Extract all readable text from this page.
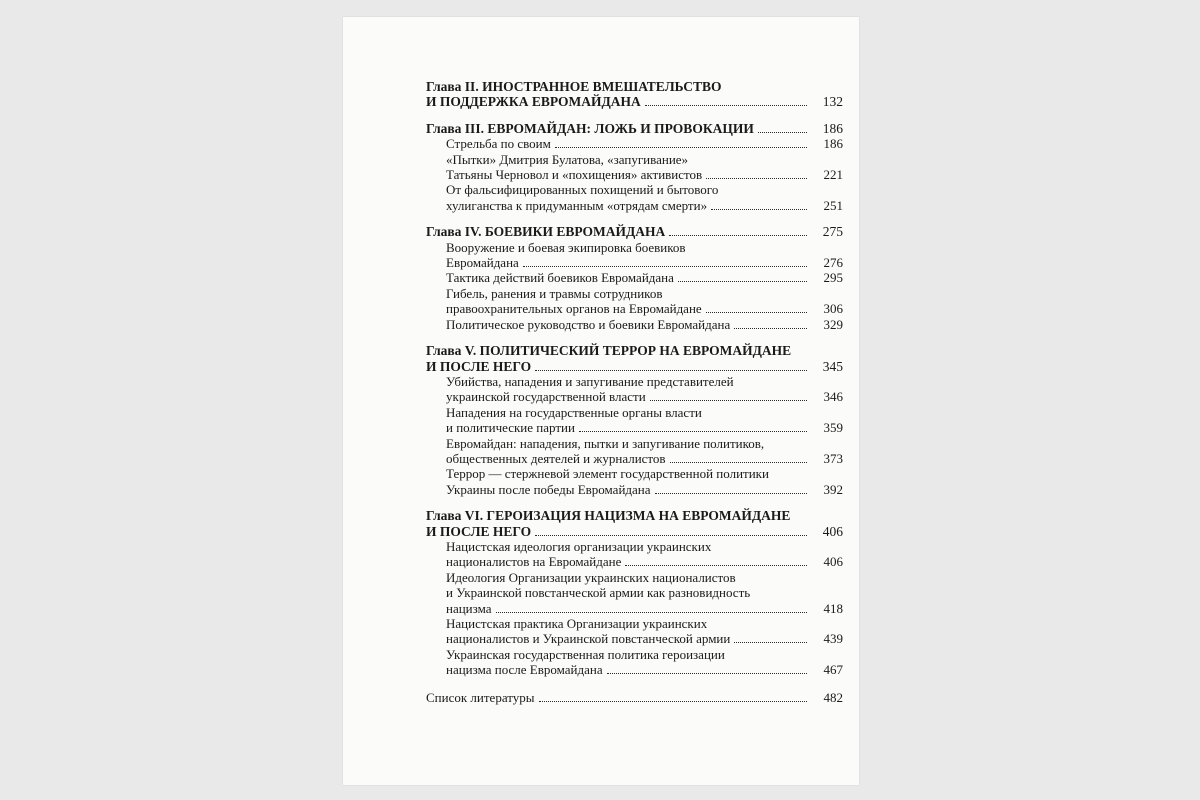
Глава II. ИНОСТРАННОЕ ВМЕШАТЕЛЬСТВО
И ПОДДЕРЖКА ЕВРОМАЙДАНА	132
Глава III. ЕВРОМАЙДАН: ЛОЖЬ И ПРОВОКАЦИИ	186
Стрельба по своим	186
«Пытки» Дмитрия Булатова, «запугивание»
Татьяны Черновол и «похищения» активистов	221
От фальсифицированных похищений и бытового
хулиганства к придуманным «отрядам смерти»	251
Глава IV. БОЕВИКИ ЕВРОМАЙДАНА	275
Вооружение и боевая экипировка боевиков
Евромайдана	276
Тактика действий боевиков Евромайдана	295
Гибель, ранения и травмы сотрудников
правоохранительных органов на Евромайдане	306
Политическое руководство и боевики Евромайдана	329
Глава V. ПОЛИТИЧЕСКИЙ ТЕРРОР НА ЕВРОМАЙДАНЕ
И ПОСЛЕ НЕГО	345
Убийства, нападения и запугивание представителей
украинской государственной власти	346
Нападения на государственные органы власти
и политические партии	359
Евромайдан: нападения, пытки и запугивание политиков,
общественных деятелей и журналистов	373
Террор — стержневой элемент государственной политики
Украины после победы Евромайдана	392
Глава VI. ГЕРОИЗАЦИЯ НАЦИЗМА НА ЕВРОМАЙДАНЕ
И ПОСЛЕ НЕГО	406
Нацистская идеология организации украинских
националистов на Евромайдане	406
Идеология Организации украинских националистов
и Украинской повстанческой армии как разновидность
нацизма	418
Нацистская практика Организации украинских
националистов и Украинской повстанческой армии	439
Украинская государственная политика героизации
нацизма после Евромайдана	467
Список литературы	482
